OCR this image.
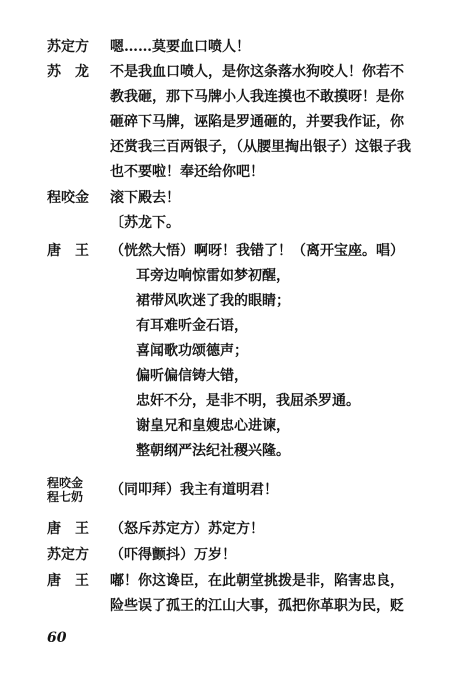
苏定方	嗯……莫要血口喷人！
苏　龙	不是我血口喷人，是你这条落水狗咬人！你若不
教我砸，那下马牌小人我连摸也不敢摸呀！是你
砸碎下马牌，诬陷是罗通砸的，并要我作证，你
还赏我三百两银子，（从腰里掏出银子）这银子我
也不要啦！奉还给你吧！
程咬金	滚下殿去！
〔苏龙下。
唐　王	（恍然大悟）啊呀！我错了！（离开宝座。唱）
耳旁边响惊雷如梦初醒，
裙带风吹迷了我的眼睛；
有耳难听金石语，
喜闻歌功颂德声；
偏听偏信铸大错，
忠奸不分，是非不明，我屈杀罗通。
谢皇兄和皇嫂忠心进谏，
整朝纲严法纪社稷兴隆。
程咬金
程七奶	（同叩拜）我主有道明君！
唐　王	（怒斥苏定方）苏定方！
苏定方	（吓得颤抖）万岁！
唐　王	嘟！你这谗臣，在此朝堂挑拨是非，陷害忠良，
险些误了孤王的江山大事，孤把你革职为民，贬
60
